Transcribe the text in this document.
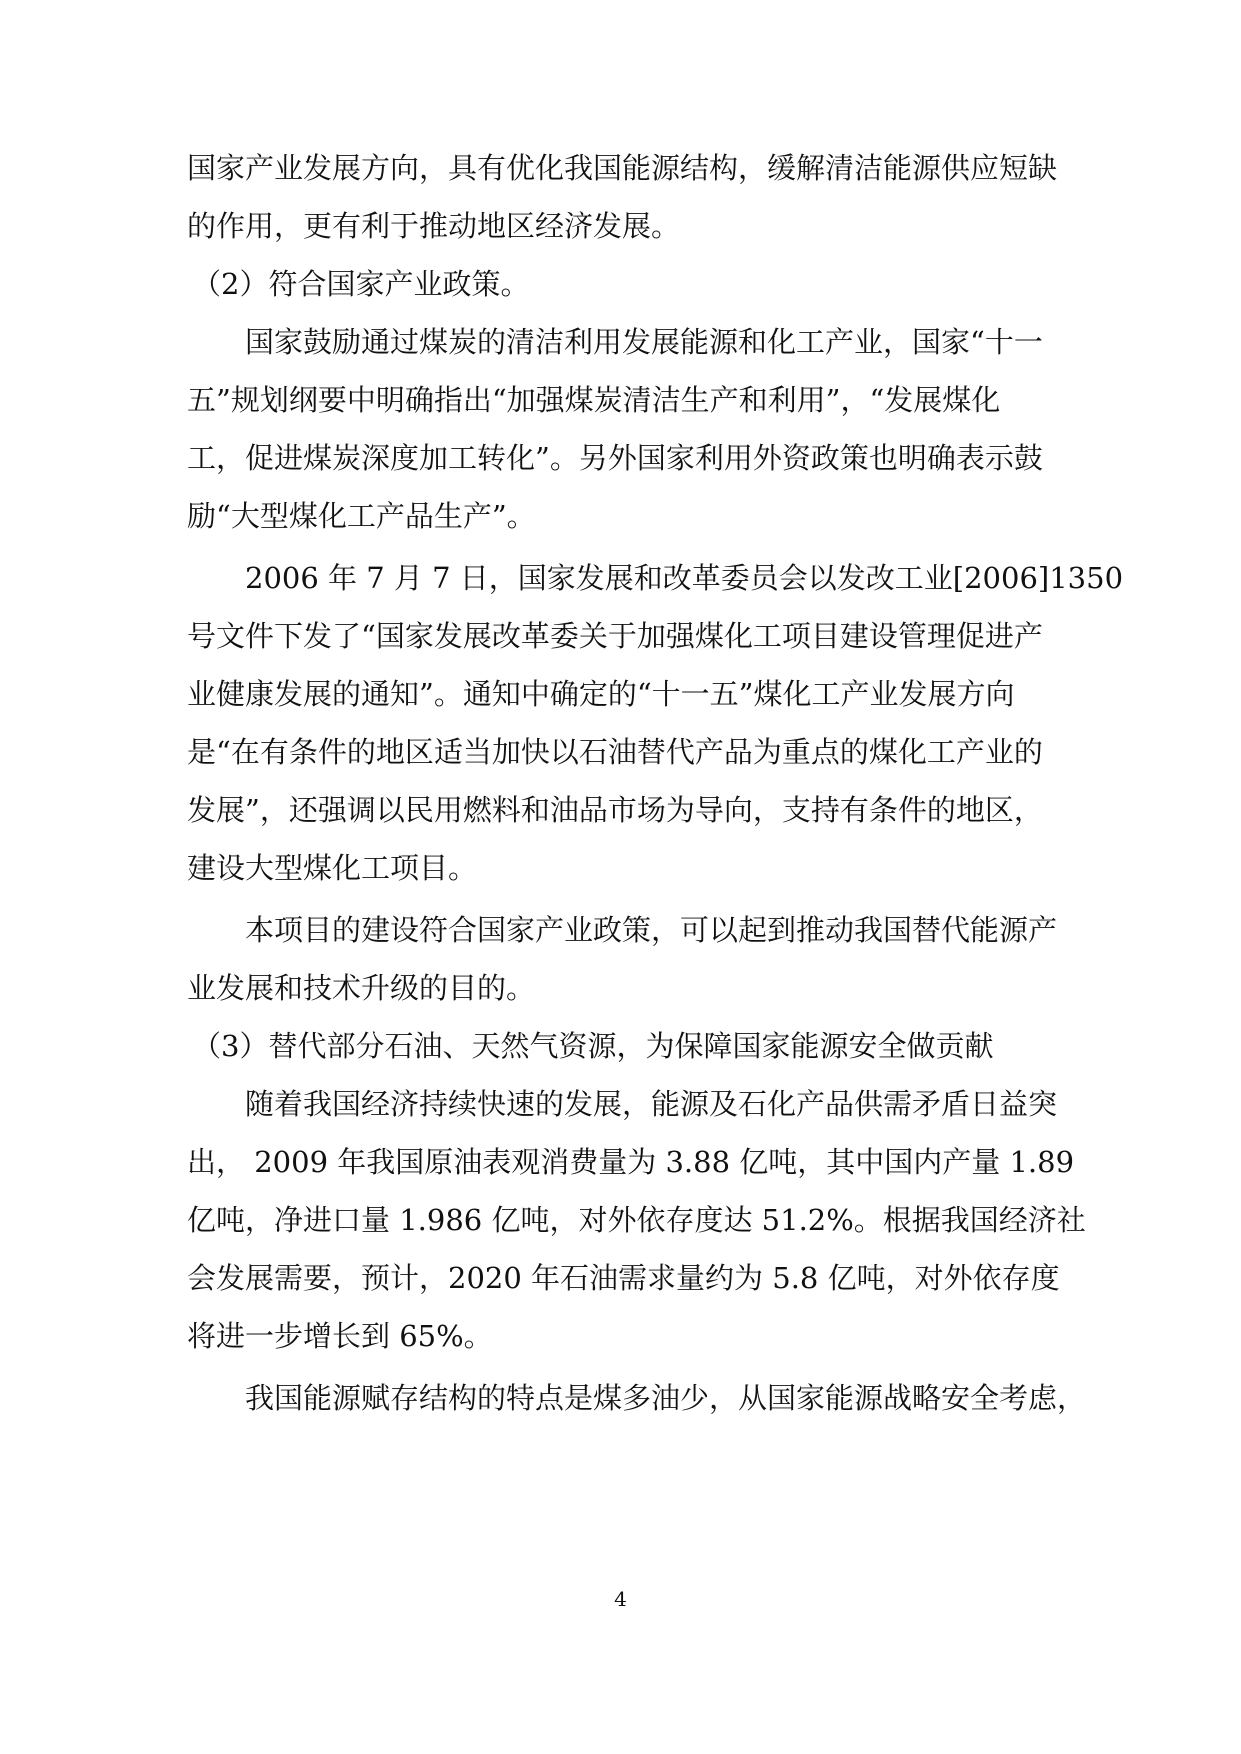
国家产业发展方向，具有优化我国能源结构，缓解清洁能源供应短缺
的作用，更有利于推动地区经济发展。
（2）符合国家产业政策。
国家鼓励通过煤炭的清洁利用发展能源和化工产业，国家“十一
五”规划纲要中明确指出“加强煤炭清洁生产和利用”，“发展煤化
工，促进煤炭深度加工转化”。另外国家利用外资政策也明确表示鼓
励“大型煤化工产品生产”。
2006 年 7 月 7 日，国家发展和改革委员会以发改工业[2006]1350
号文件下发了“国家发展改革委关于加强煤化工项目建设管理促进产
业健康发展的通知”。通知中确定的“十一五”煤化工产业发展方向
是“在有条件的地区适当加快以石油替代产品为重点的煤化工产业的
发展”，还强调以民用燃料和油品市场为导向，支持有条件的地区，
建设大型煤化工项目。
本项目的建设符合国家产业政策，可以起到推动我国替代能源产
业发展和技术升级的目的。
（3）替代部分石油、天然气资源，为保障国家能源安全做贡献
随着我国经济持续快速的发展，能源及石化产品供需矛盾日益突
出， 2009 年我国原油表观消费量为 3.88 亿吨，其中国内产量 1.89
亿吨，净进口量 1.986 亿吨，对外依存度达 51.2%。根据我国经济社
会发展需要，预计，2020 年石油需求量约为 5.8 亿吨，对外依存度
将进一步增长到 65%。
我国能源赋存结构的特点是煤多油少，从国家能源战略安全考虑，
4
